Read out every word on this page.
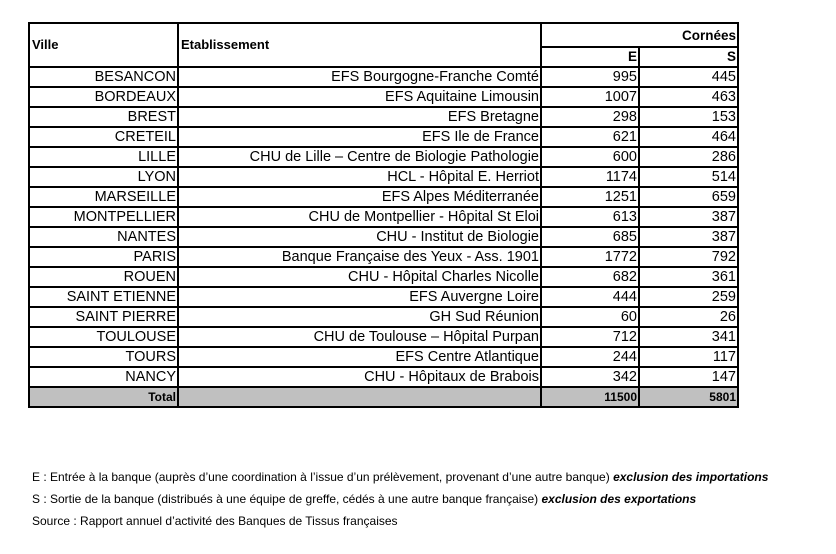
Ville	Etablissement	Cornées	
		E	S
BESANCON	EFS Bourgogne-Franche Comté	995	445
BORDEAUX	EFS Aquitaine Limousin	1007	463
BREST	EFS Bretagne	298	153
CRETEIL	EFS Ile de France	621	464
LILLE	CHU de Lille – Centre de Biologie Pathologie	600	286
LYON	HCL - Hôpital E. Herriot	1174	514
MARSEILLE	EFS Alpes Méditerranée	1251	659
MONTPELLIER	CHU de Montpellier - Hôpital St Eloi	613	387
NANTES	CHU - Institut de Biologie	685	387
PARIS	Banque Française des Yeux - Ass. 1901	1772	792
ROUEN	CHU - Hôpital Charles Nicolle	682	361
SAINT ETIENNE	EFS Auvergne Loire	444	259
SAINT PIERRE	GH Sud Réunion	60	26
TOULOUSE	CHU de Toulouse – Hôpital Purpan	712	341
TOURS	EFS Centre Atlantique	244	117
NANCY	CHU - Hôpitaux de Brabois	342	147
Total		11500	5801
E : Entrée à la banque (auprès d’une coordination à l’issue d’un prélèvement, provenant d’une autre banque) exclusion des importations
S : Sortie de la banque (distribués à une équipe de greffe, cédés à une autre banque française) exclusion des exportations
Source : Rapport annuel d’activité des Banques de Tissus françaises
